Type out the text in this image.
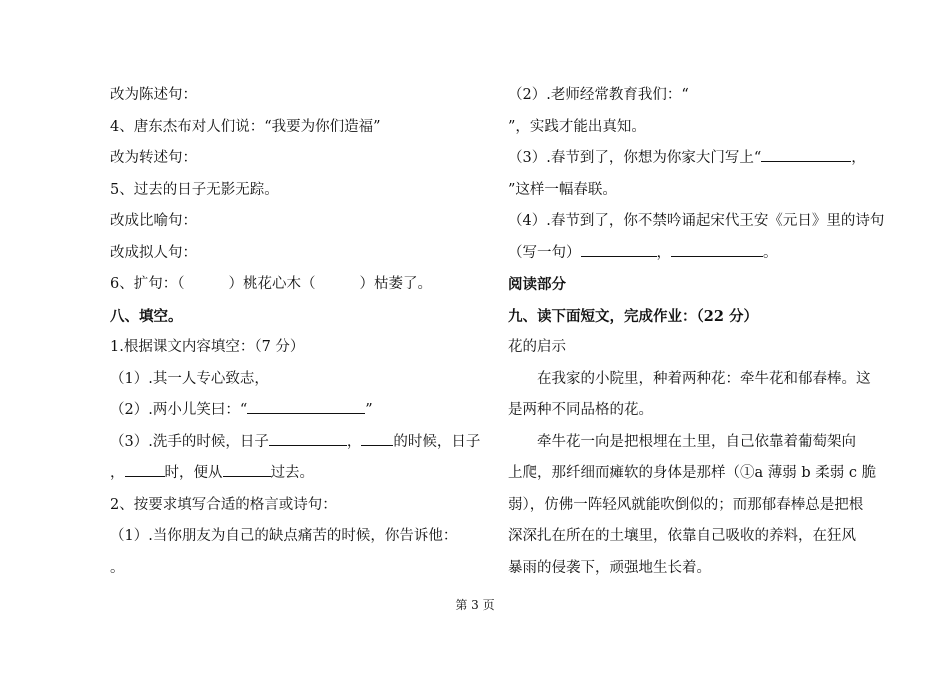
改为陈述句：
4、唐东杰布对人们说：“我要为你们造福”
改为转述句：
5、过去的日子无影无踪。
改成比喻句：
改成拟人句：
6、扩句：（	）桃花心木（	）枯萎了。
八、填空。
1.根据课文内容填空：（7 分）
（1）.其一人专心致志，
（2）.两小儿笑曰：“	”
（3）.洗手的时候，日子	， 的时候，日子
，	时，便从	过去。
2、按要求填写合适的格言或诗句：
（1）.当你朋友为自己的缺点痛苦的时候，你告诉他：
。
（2）.老师经常教育我们：“
”，实践才能出真知。
（3）.春节到了，你想为你家大门写上“	，
”这样一幅春联。
（4）.春节到了，你不禁吟诵起宋代王安《元日》里的诗句
（写一句）	，	。
阅读部分
九、读下面短文，完成作业：（22 分）
花的启示
在我家的小院里，种着两种花：牵牛花和郁春棒。这
是两种不同品格的花。
牵牛花一向是把根埋在土里，自己依靠着葡萄架向
上爬，那纤细而瘫软的身体是那样（①a 薄弱 b 柔弱 c 脆
弱），仿佛一阵轻风就能吹倒似的；而那郁春棒总是把根
深深扎在所在的土壤里，依靠自己吸收的养料，在狂风
暴雨的侵袭下，顽强地生长着。
第 3 页
